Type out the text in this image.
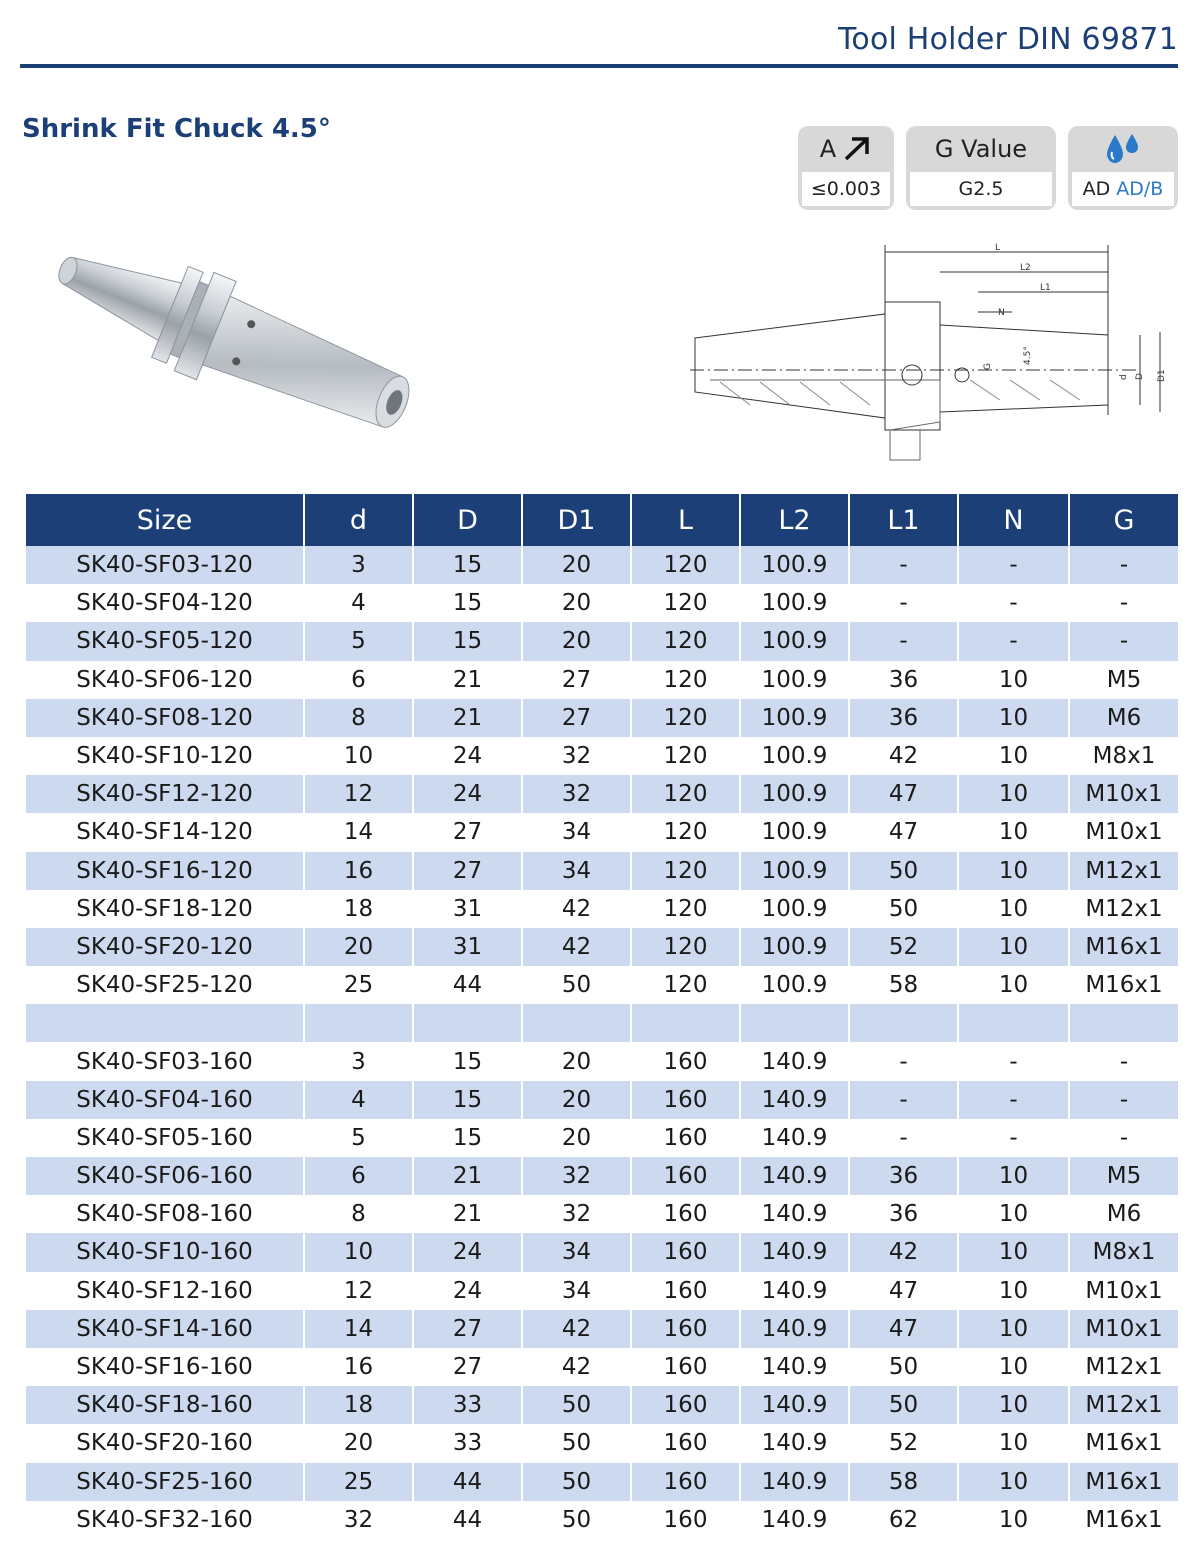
Tool Holder DIN 69871
Shrink Fit Chuck 4.5°
A
≤0.003
G Value
G2.5	AD AD/B
L
L2
L1
N
4.5°
G
d D D1
Size	d	D	D1	L	L2	L1	N	G
SK40-SF03-120	3	15	20	120	100.9	-	-	-
SK40-SF04-120	4	15	20	120	100.9	-	-	-
SK40-SF05-120	5	15	20	120	100.9	-	-	-
SK40-SF06-120	6	21	27	120	100.9	36	10	M5
SK40-SF08-120	8	21	27	120	100.9	36	10	M6
SK40-SF10-120	10	24	32	120	100.9	42	10	M8x1
SK40-SF12-120	12	24	32	120	100.9	47	10	M10x1
SK40-SF14-120	14	27	34	120	100.9	47	10	M10x1
SK40-SF16-120	16	27	34	120	100.9	50	10	M12x1
SK40-SF18-120	18	31	42	120	100.9	50	10	M12x1
SK40-SF20-120	20	31	42	120	100.9	52	10	M16x1
SK40-SF25-120	25	44	50	120	100.9	58	10	M16x1

SK40-SF03-160	3	15	20	160	140.9	-	-	-
SK40-SF04-160	4	15	20	160	140.9	-	-	-
SK40-SF05-160	5	15	20	160	140.9	-	-	-
SK40-SF06-160	6	21	32	160	140.9	36	10	M5
SK40-SF08-160	8	21	32	160	140.9	36	10	M6
SK40-SF10-160	10	24	34	160	140.9	42	10	M8x1
SK40-SF12-160	12	24	34	160	140.9	47	10	M10x1
SK40-SF14-160	14	27	42	160	140.9	47	10	M10x1
SK40-SF16-160	16	27	42	160	140.9	50	10	M12x1
SK40-SF18-160	18	33	50	160	140.9	50	10	M12x1
SK40-SF20-160	20	33	50	160	140.9	52	10	M16x1
SK40-SF25-160	25	44	50	160	140.9	58	10	M16x1
SK40-SF32-160	32	44	50	160	140.9	62	10	M16x1
